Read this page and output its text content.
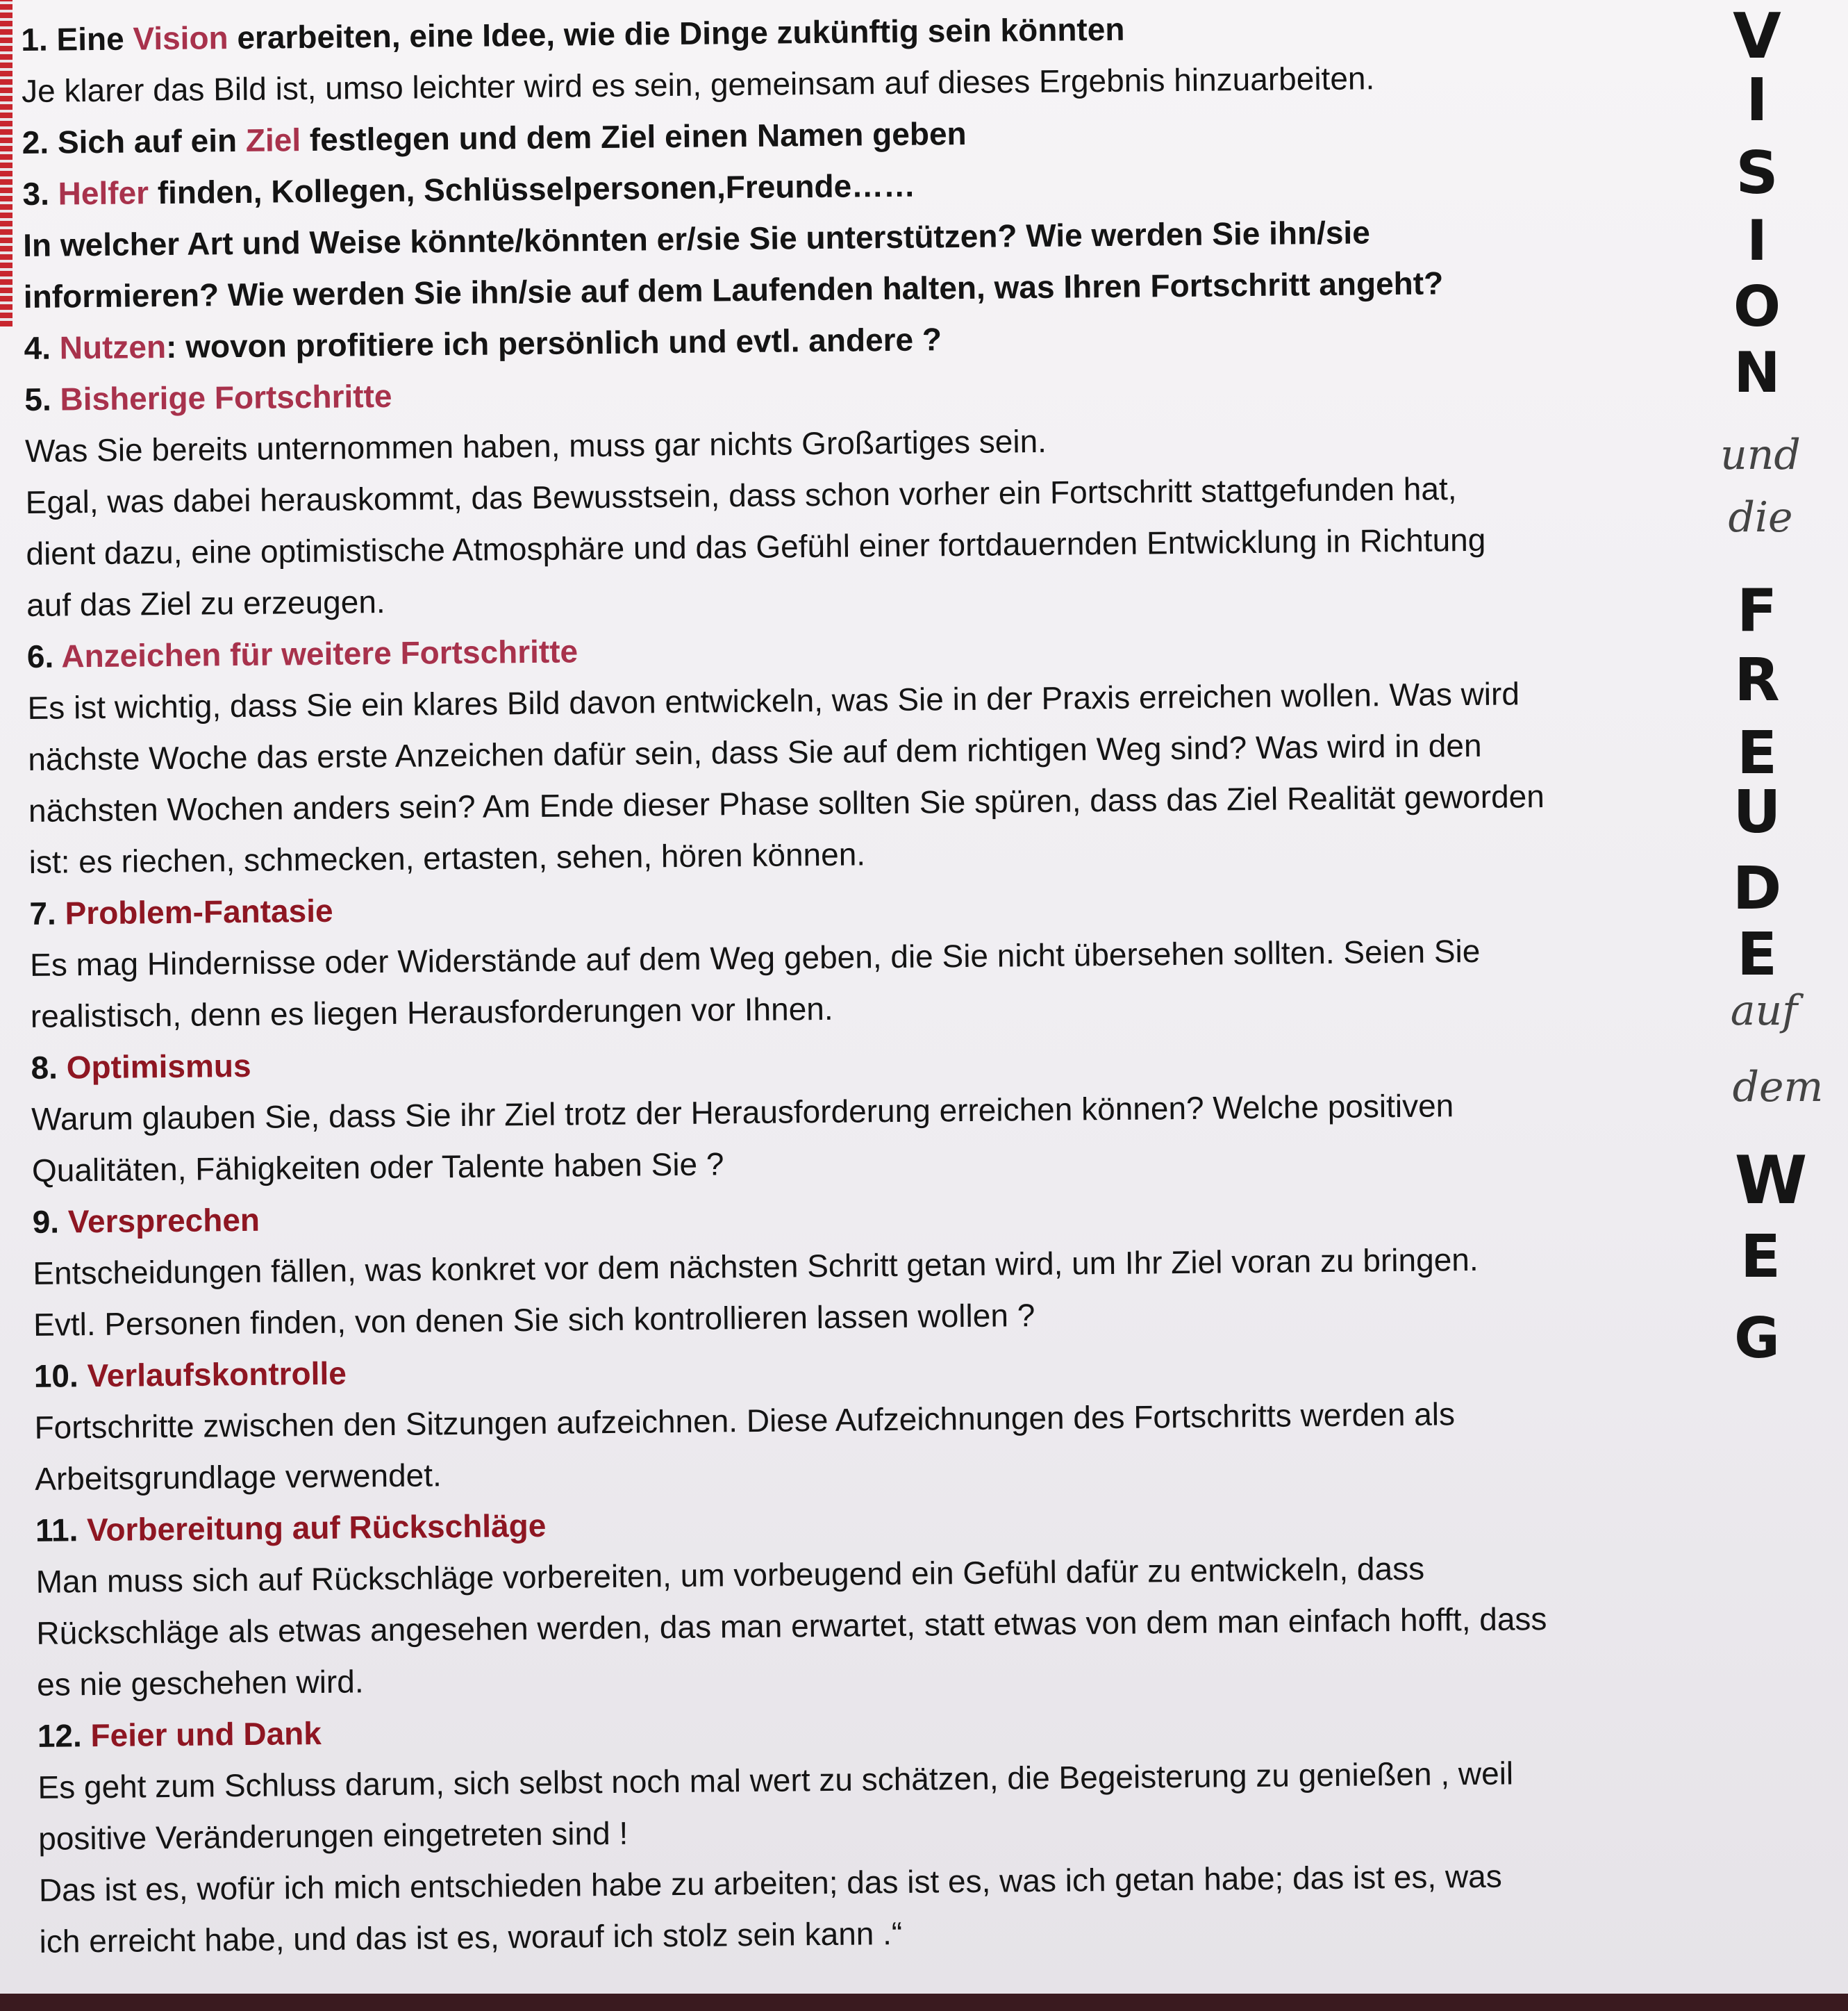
1. Eine Vision erarbeiten, eine Idee, wie die Dinge zukünftig sein könnten
Je klarer das Bild ist, umso leichter wird es sein, gemeinsam auf dieses Ergebnis hinzuarbeiten.
2. Sich auf ein Ziel festlegen und dem Ziel einen Namen geben
3. Helfer finden, Kollegen, Schlüsselpersonen,Freunde……
In welcher Art und Weise könnte/könnten er/sie Sie unterstützen? Wie werden Sie ihn/sie
informieren? Wie werden Sie ihn/sie auf dem Laufenden halten, was Ihren Fortschritt angeht?
4. Nutzen: wovon profitiere ich persönlich und evtl. andere ?
5. Bisherige Fortschritte
Was Sie bereits unternommen haben, muss gar nichts Großartiges sein.
Egal, was dabei herauskommt, das Bewusstsein, dass schon vorher ein Fortschritt stattgefunden hat,
dient dazu, eine optimistische Atmosphäre und das Gefühl einer fortdauernden Entwicklung in Richtung
auf das Ziel zu erzeugen.
6. Anzeichen für weitere Fortschritte
Es ist wichtig, dass Sie ein klares Bild davon entwickeln, was Sie in der Praxis erreichen wollen. Was wird
nächste Woche das erste Anzeichen dafür sein, dass Sie auf dem richtigen Weg sind? Was wird in den
nächsten Wochen anders sein? Am Ende dieser Phase sollten Sie spüren, dass das Ziel Realität geworden
ist: es riechen, schmecken, ertasten, sehen, hören können.
7. Problem-Fantasie
Es mag Hindernisse oder Widerstände auf dem Weg geben, die Sie nicht übersehen sollten. Seien Sie
realistisch, denn es liegen Herausforderungen vor Ihnen.
8. Optimismus
Warum glauben Sie, dass Sie ihr Ziel trotz der Herausforderung erreichen können? Welche positiven
Qualitäten, Fähigkeiten oder Talente haben Sie ?
9. Versprechen
Entscheidungen fällen, was konkret vor dem nächsten Schritt getan wird, um Ihr Ziel voran zu bringen.
Evtl. Personen finden, von denen Sie sich kontrollieren lassen wollen ?
10. Verlaufskontrolle
Fortschritte zwischen den Sitzungen aufzeichnen. Diese Aufzeichnungen des Fortschritts werden als
Arbeitsgrundlage verwendet.
11. Vorbereitung auf Rückschläge
Man muss sich auf Rückschläge vorbereiten, um vorbeugend ein Gefühl dafür zu entwickeln, dass
Rückschläge als etwas angesehen werden, das man erwartet, statt etwas von dem man einfach hofft, dass
es nie geschehen wird.
12. Feier und Dank
Es geht zum Schluss darum, sich selbst noch mal wert zu schätzen, die Begeisterung zu genießen , weil
positive Veränderungen eingetreten sind !
Das ist es, wofür ich mich entschieden habe zu arbeiten; das ist es, was ich getan habe; das ist es, was
ich erreicht habe, und das ist es, worauf ich stolz sein kann .“
V
I
S
I
O
N
und
die
F
R
E
U
D
E
auf
dem
W
E
G
